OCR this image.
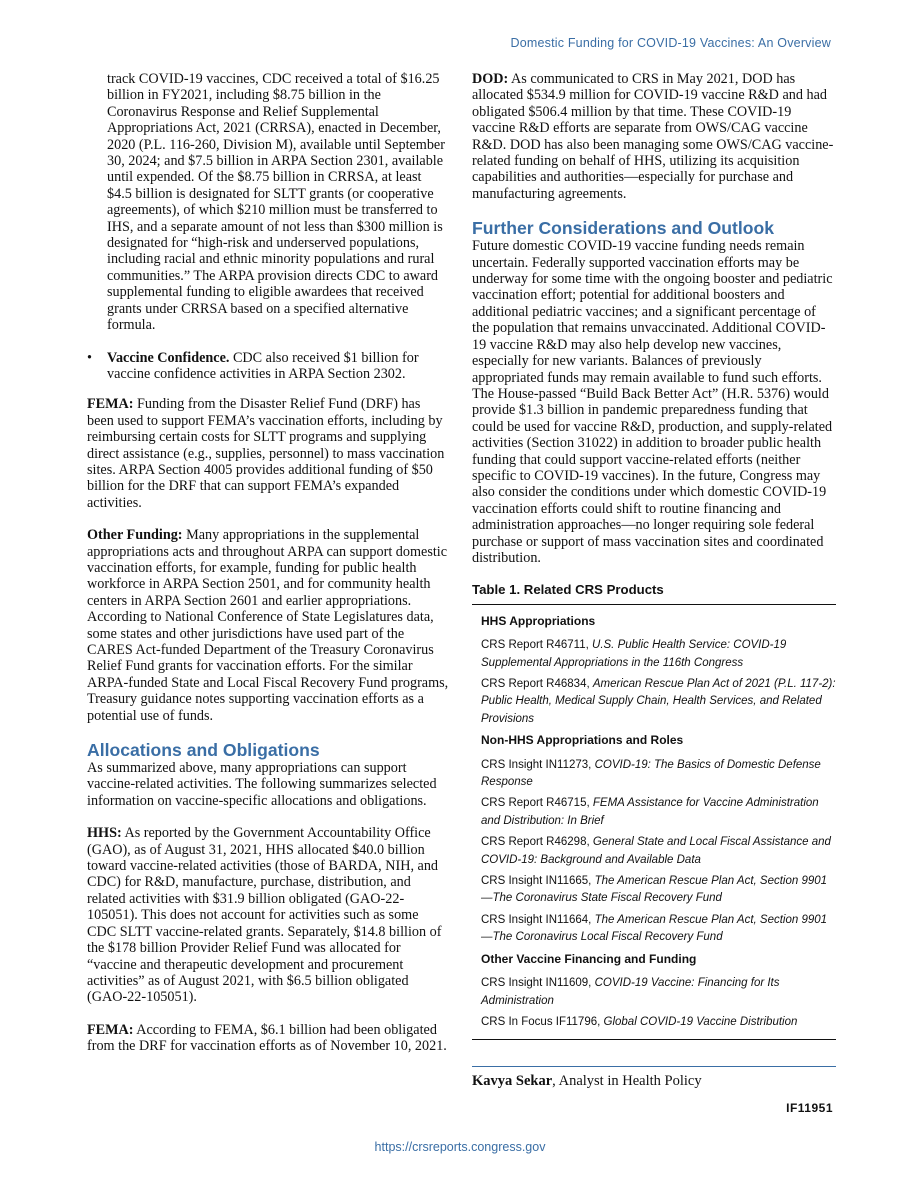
Domestic Funding for COVID-19 Vaccines: An Overview

track COVID-19 vaccines, CDC received a total of $16.25 billion in FY2021, including $8.75 billion in the Coronavirus Response and Relief Supplemental Appropriations Act, 2021 (CRRSA), enacted in December, 2020 (P.L. 116-260, Division M), available until September 30, 2024; and $7.5 billion in ARPA Section 2301, available until expended. Of the $8.75 billion in CRRSA, at least $4.5 billion is designated for SLTT grants (or cooperative agreements), of which $210 million must be transferred to IHS, and a separate amount of not less than $300 million is designated for “high-risk and underserved populations, including racial and ethnic minority populations and rural communities.” The ARPA provision directs CDC to award supplemental funding to eligible awardees that received grants under CRRSA based on a specified alternative formula.

• Vaccine Confidence. CDC also received $1 billion for vaccine confidence activities in ARPA Section 2302.

FEMA: Funding from the Disaster Relief Fund (DRF) has been used to support FEMA’s vaccination efforts, including by reimbursing certain costs for SLTT programs and supplying direct assistance (e.g., supplies, personnel) to mass vaccination sites. ARPA Section 4005 provides additional funding of $50 billion for the DRF that can support FEMA’s expanded activities.

Other Funding: Many appropriations in the supplemental appropriations acts and throughout ARPA can support domestic vaccination efforts, for example, funding for public health workforce in ARPA Section 2501, and for community health centers in ARPA Section 2601 and earlier appropriations. According to National Conference of State Legislatures data, some states and other jurisdictions have used part of the CARES Act-funded Department of the Treasury Coronavirus Relief Fund grants for vaccination efforts. For the similar ARPA-funded State and Local Fiscal Recovery Fund programs, Treasury guidance notes supporting vaccination efforts as a potential use of funds.

Allocations and Obligations

As summarized above, many appropriations can support vaccine-related activities. The following summarizes selected information on vaccine-specific allocations and obligations.

HHS: As reported by the Government Accountability Office (GAO), as of August 31, 2021, HHS allocated $40.0 billion toward vaccine-related activities (those of BARDA, NIH, and CDC) for R&D, manufacture, purchase, distribution, and related activities with $31.9 billion obligated (GAO-22-105051). This does not account for activities such as some CDC SLTT vaccine-related grants. Separately, $14.8 billion of the $178 billion Provider Relief Fund was allocated for “vaccine and therapeutic development and procurement activities” as of August 2021, with $6.5 billion obligated (GAO-22-105051).

FEMA: According to FEMA, $6.1 billion had been obligated from the DRF for vaccination efforts as of November 10, 2021.

DOD: As communicated to CRS in May 2021, DOD has allocated $534.9 million for COVID-19 vaccine R&D and had obligated $506.4 million by that time. These COVID-19 vaccine R&D efforts are separate from OWS/CAG vaccine R&D. DOD has also been managing some OWS/CAG vaccine-related funding on behalf of HHS, utilizing its acquisition capabilities and authorities—especially for purchase and manufacturing agreements.

Further Considerations and Outlook

Future domestic COVID-19 vaccine funding needs remain uncertain. Federally supported vaccination efforts may be underway for some time with the ongoing booster and pediatric vaccination effort; potential for additional boosters and additional pediatric vaccines; and a significant percentage of the population that remains unvaccinated. Additional COVID-19 vaccine R&D may also help develop new vaccines, especially for new variants. Balances of previously appropriated funds may remain available to fund such efforts. The House-passed “Build Back Better Act” (H.R. 5376) would provide $1.3 billion in pandemic preparedness funding that could be used for vaccine R&D, production, and supply-related activities (Section 31022) in addition to broader public health funding that could support vaccine-related efforts (neither specific to COVID-19 vaccines). In the future, Congress may also consider the conditions under which domestic COVID-19 vaccination efforts could shift to routine financing and administration approaches—no longer requiring sole federal purchase or support of mass vaccination sites and coordinated distribution.

Table 1. Related CRS Products
HHS Appropriations
CRS Report R46711, U.S. Public Health Service: COVID-19 Supplemental Appropriations in the 116th Congress
CRS Report R46834, American Rescue Plan Act of 2021 (P.L. 117-2): Public Health, Medical Supply Chain, Health Services, and Related Provisions
Non-HHS Appropriations and Roles
CRS Insight IN11273, COVID-19: The Basics of Domestic Defense Response
CRS Report R46715, FEMA Assistance for Vaccine Administration and Distribution: In Brief
CRS Report R46298, General State and Local Fiscal Assistance and COVID-19: Background and Available Data
CRS Insight IN11665, The American Rescue Plan Act, Section 9901—The Coronavirus State Fiscal Recovery Fund
CRS Insight IN11664, The American Rescue Plan Act, Section 9901—The Coronavirus Local Fiscal Recovery Fund
Other Vaccine Financing and Funding
CRS Insight IN11609, COVID-19 Vaccine: Financing for Its Administration
CRS In Focus IF11796, Global COVID-19 Vaccine Distribution
Kavya Sekar, Analyst in Health Policy
IF11951
https://crsreports.congress.gov
